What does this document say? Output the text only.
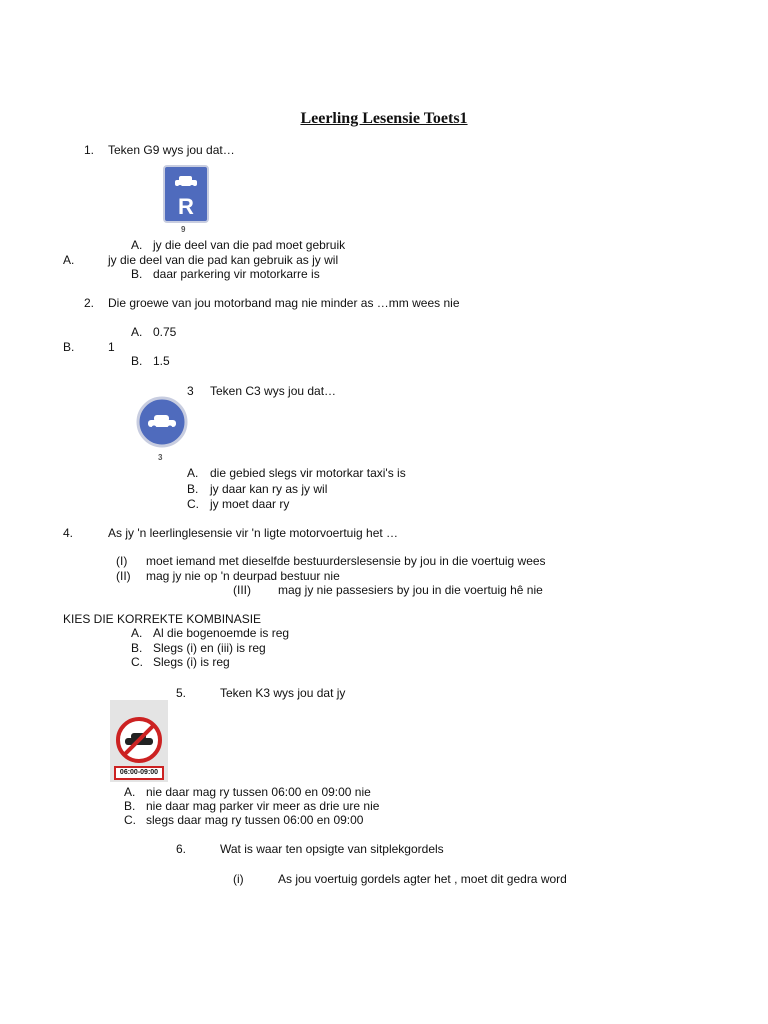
Leerling Lesensie Toets1
1. Teken G9 wys jou dat…
R
9
A. jy die deel van die pad moet gebruik
A.	jy die deel van die pad kan gebruik as jy wil
B. daar parkering vir motorkarre is
2. Die groewe van jou motorband mag nie minder as …mm wees nie
A. 0.75
B.	1
B. 1.5
3 Teken C3 wys jou dat…
3
A. die gebied slegs vir motorkar taxi's is
B. jy daar kan ry as jy wil
C. jy moet daar ry
4.	As jy 'n leerlinglesensie vir 'n ligte motorvoertuig het …
(I) moet iemand met dieselfde bestuurderslesensie by jou in die voertuig wees
(II) mag jy nie op 'n deurpad bestuur nie
(III) mag jy nie passesiers by jou in die voertuig hê nie
KIES DIE KORREKTE KOMBINASIE
A. Al die bogenoemde is reg
B. Slegs (i) en (iii) is reg
C. Slegs (i) is reg
5.	Teken K3 wys jou dat jy
06:00-09:00
A. nie daar mag ry tussen 06:00 en 09:00 nie
B. nie daar mag parker vir meer as drie ure nie
C. slegs daar mag ry tussen 06:00 en 09:00
6.	Wat is waar ten opsigte van sitplekgordels
(i)	As jou voertuig gordels agter het , moet dit gedra word
